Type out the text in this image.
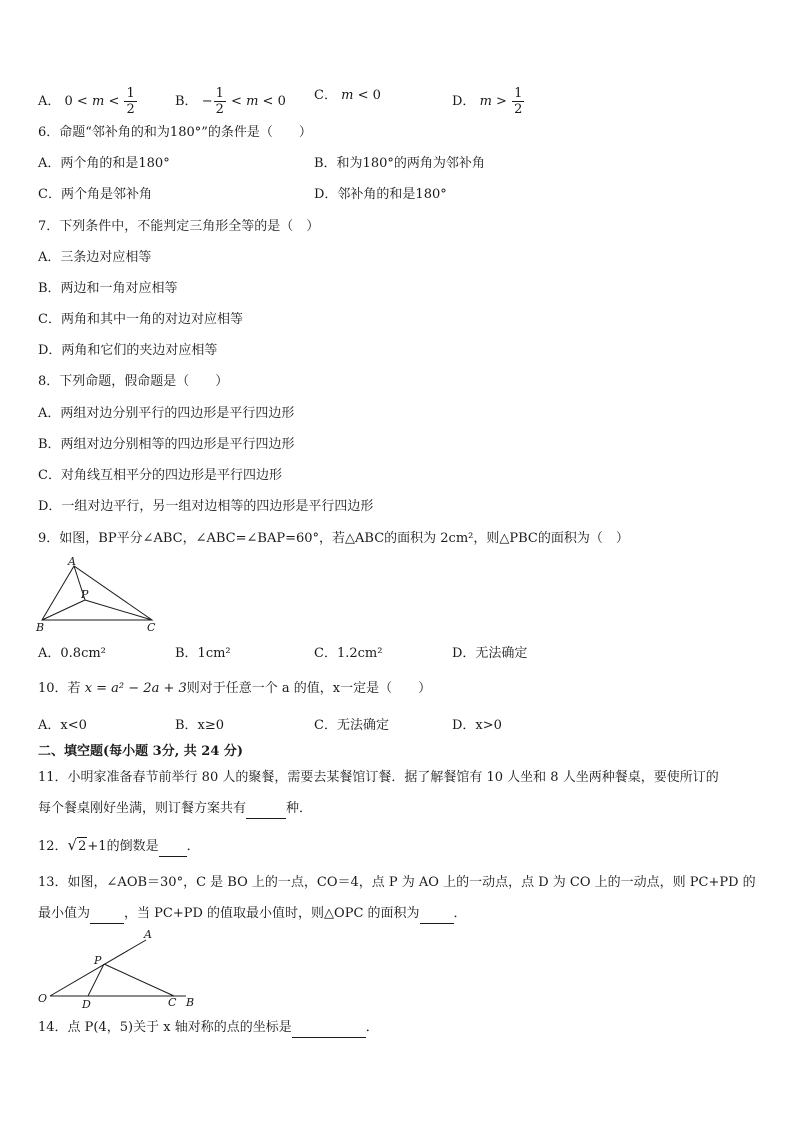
A． $0 < m < \frac{1}{2}$	B． − $\frac{1}{2} < m < 0$ C． m < 0	D． $m > \frac{1}{2}$
6．命题“邻补角的和为180°”的条件是（　　）
A．两个角的和是180°	B．和为180°的两角为邻补角
C．两个角是邻补角	D．邻补角的和是180°
7．下列条件中，不能判定三角形全等的是（　）
A．三条边对应相等
B．两边和一角对应相等
C．两角和其中一角的对边对应相等
D．两角和它们的夹边对应相等
8．下列命题，假命题是（　　）
A．两组对边分别平行的四边形是平行四边形
B．两组对边分别相等的四边形是平行四边形
C．对角线互相平分的四边形是平行四边形
D．一组对边平行，另一组对边相等的四边形是平行四边形
9．如图，BP平分∠ABC，∠ABC=∠BAP=60°，若△ABC的面积为 2cm²，则△PBC的面积为（　）
A
P
B	C
A．0.8cm²	B．1cm²	C．1.2cm²	D．无法确定
10．若 x = a² − 2a + 3则对于任意一个 a 的值，x一定是（　　）
A．x<0	B．x≥0	C．无法确定	D．x>0
二、填空题(每小题 3分, 共 24 分)
11．小明家准备春节前举行 80 人的聚餐，需要去某餐馆订餐．据了解餐馆有 10 人坐和 8 人坐两种餐桌，要使所订的
每个餐桌刚好坐满，则订餐方案共有	种．
12．√2+1的倒数是 ．
13．如图，∠AOB＝30°，C 是 BO 上的一点，CO＝4，点 P 为 AO 上的一动点，点 D 为 CO 上的一动点，则 PC+PD 的
最小值为	，当 PC+PD 的值取最小值时，则△OPC 的面积为	．
A
P
O	D	C B
14．点 P(4，5)关于 x 轴对称的点的坐标是	．
